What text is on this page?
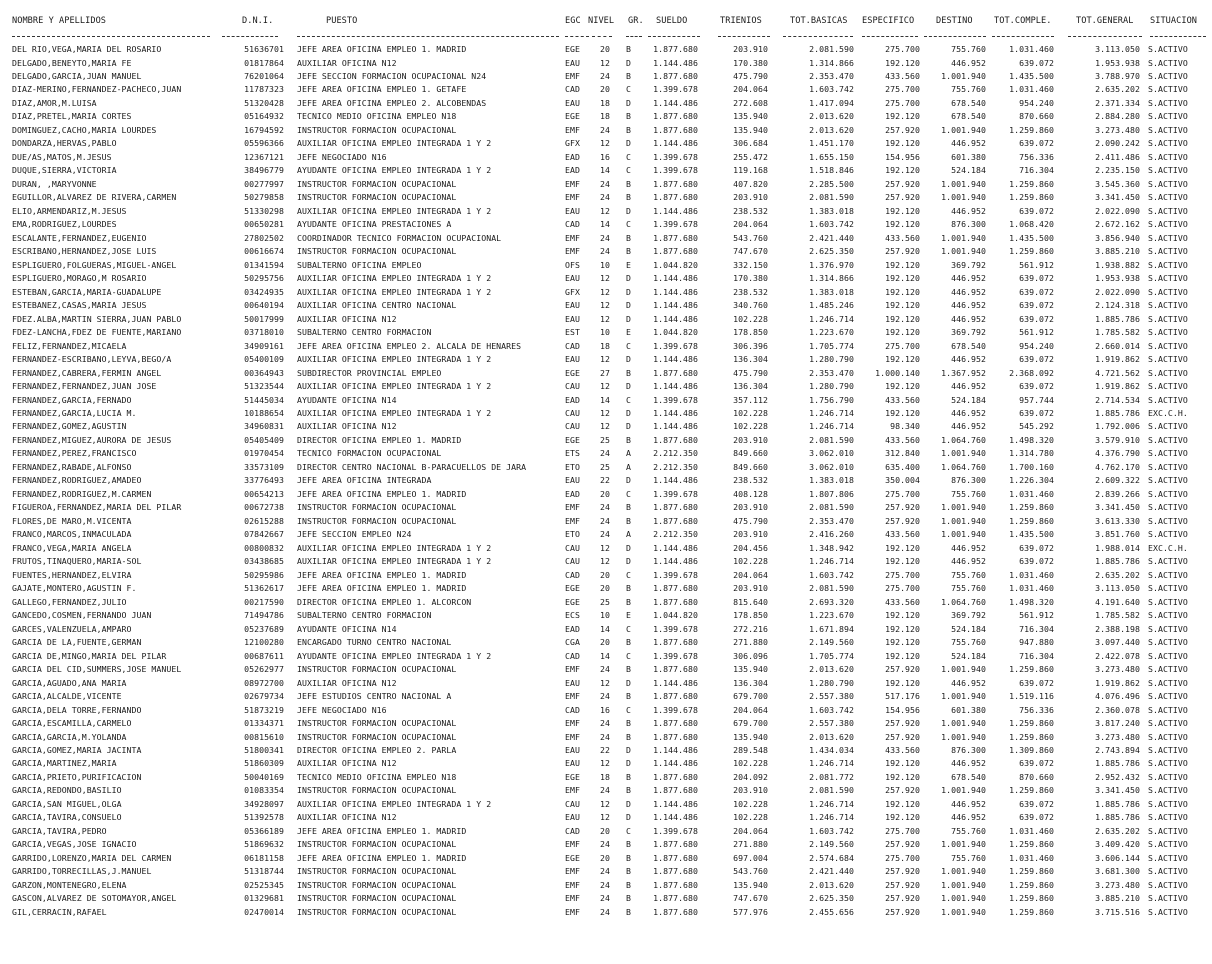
NOMBRE Y APELLIDOS	D.N.I.	PUESTO	EGC NIVEL GR. SUELDO	TRIENIOS	TOT.BASICAS ESPECIFICO	DESTINO TOT.COMPLE.	TOT.GENERAL SITUACION
DEL RIO,VEGA,MARIA DEL ROSARIO	51636701 JEFE AREA OFICINA EMPLEO 1. MADRID	EGE	20 B	1.877.680	203.910	2.081.590	275.700	755.760	1.031.460	3.113.050 S.ACTIVO
DELGADO,BENEYTO,MARIA FE	01817864 AUXILIAR OFICINA N12	EAU	12 D	1.144.486	170.380	1.314.866	192.120	446.952	639.072	1.953.938 S.ACTIVO
DELGADO,GARCIA,JUAN MANUEL	76201064 JEFE SECCION FORMACION OCUPACIONAL N24	EMF	24 B	1.877.680	475.790	2.353.470	433.560	1.001.940	1.435.500	3.788.970 S.ACTIVO
DIAZ-MERINO,FERNANDEZ-PACHECO,JUAN	11787323 JEFE AREA OFICINA EMPLEO 1. GETAFE	CAD	20 C	1.399.678	204.064	1.603.742	275.700	755.760	1.031.460	2.635.202 S.ACTIVO
DIAZ,AMOR,M.LUISA	51320428 JEFE AREA OFICINA EMPLEO 2. ALCOBENDAS	EAU	18 D	1.144.486	272.608	1.417.094	275.700	678.540	954.240	2.371.334 S.ACTIVO
DIAZ,PRETEL,MARIA CORTES	05164932 TECNICO MEDIO OFICINA EMPLEO N18	EGE	18 B	1.877.680	135.940	2.013.620	192.120	678.540	870.660	2.884.280 S.ACTIVO
DOMINGUEZ,CACHO,MARIA LOURDES	16794592 INSTRUCTOR FORMACION OCUPACIONAL	EMF	24 B	1.877.680	135.940	2.013.620	257.920	1.001.940	1.259.860	3.273.480 S.ACTIVO
DONDARZA,HERVAS,PABLO	05596366 AUXILIAR OFICINA EMPLEO INTEGRADA 1 Y 2	GFX	12 D	1.144.486	306.684	1.451.170	192.120	446.952	639.072	2.090.242 S.ACTIVO
DUE/AS,MATOS,M.JESUS	12367121 JEFE NEGOCIADO N16	EAD	16 C	1.399.678	255.472	1.655.150	154.956	601.380	756.336	2.411.486 S.ACTIVO
DUQUE,SIERRA,VICTORIA	38496779 AYUDANTE OFICINA EMPLEO INTEGRADA 1 Y 2	EAD	14 C	1.399.678	119.168	1.518.846	192.120	524.184	716.304	2.235.150 S.ACTIVO
DURAN, ,MARYVONNE	00277997 INSTRUCTOR FORMACION OCUPACIONAL	EMF	24 B	1.877.680	407.820	2.285.500	257.920	1.001.940	1.259.860	3.545.360 S.ACTIVO
EGUILLOR,ALVAREZ DE RIVERA,CARMEN	50279858 INSTRUCTOR FORMACION OCUPACIONAL	EMF	24 B	1.877.680	203.910	2.081.590	257.920	1.001.940	1.259.860	3.341.450 S.ACTIVO
ELIO,ARMENDARIZ,M.JESUS	51330298 AUXILIAR OFICINA EMPLEO INTEGRADA 1 Y 2	EAU	12 D	1.144.486	238.532	1.383.018	192.120	446.952	639.072	2.022.090 S.ACTIVO
EMA,RODRIGUEZ,LOURDES	00650281 AYUDANTE OFICINA PRESTACIONES A	CAD	14 C	1.399.678	204.064	1.603.742	192.120	876.300	1.068.420	2.672.162 S.ACTIVO
ESCALANTE,FERNANDEZ,EUGENIO	27802502 COORDINADOR TECNICO FORMACION OCUPACIONAL	EMF	24 B	1.877.680	543.760	2.421.440	433.560	1.001.940	1.435.500	3.856.940 S.ACTIVO
ESCRIBANO,HERNANDEZ,JOSE LUIS	00616674 INSTRUCTOR FORMACION OCUPACIONAL	EMF	24 B	1.877.680	747.670	2.625.350	257.920	1.001.940	1.259.860	3.885.210 S.ACTIVO
ESPLIGUERO,FOLGUERAS,MIGUEL-ANGEL	01341594 SUBALTERNO OFICINA EMPLEO	OFS	10 E	1.044.820	332.150	1.376.970	192.120	369.792	561.912	1.938.882 S.ACTIVO
ESPLIGUERO,MORAGO,M ROSARIO	50295756 AUXILIAR OFICINA EMPLEO INTEGRADA 1 Y 2	EAU	12 D	1.144.486	170.380	1.314.866	192.120	446.952	639.072	1.953.938 S.ACTIVO
ESTEBAN,GARCIA,MARIA-GUADALUPE	03424935 AUXILIAR OFICINA EMPLEO INTEGRADA 1 Y 2	GFX	12 D	1.144.486	238.532	1.383.018	192.120	446.952	639.072	2.022.090 S.ACTIVO
ESTEBANEZ,CASAS,MARIA JESUS	00640194 AUXILIAR OFICINA CENTRO NACIONAL	EAU	12 D	1.144.486	340.760	1.485.246	192.120	446.952	639.072	2.124.318 S.ACTIVO
FDEZ.ALBA,MARTIN SIERRA,JUAN PABLO	50017999 AUXILIAR OFICINA N12	EAU	12 D	1.144.486	102.228	1.246.714	192.120	446.952	639.072	1.885.786 S.ACTIVO
FDEZ-LANCHA,FDEZ DE FUENTE,MARIANO	03718010 SUBALTERNO CENTRO FORMACION	EST	10 E	1.044.820	178.850	1.223.670	192.120	369.792	561.912	1.785.582 S.ACTIVO
FELIZ,FERNANDEZ,MICAELA	34909161 JEFE AREA OFICINA EMPLEO 2. ALCALA DE HENARES	CAD	18 C	1.399.678	306.396	1.705.774	275.700	678.540	954.240	2.660.014 S.ACTIVO
FERNANDEZ-ESCRIBANO,LEYVA,BEGO/A	05400109 AUXILIAR OFICINA EMPLEO INTEGRADA 1 Y 2	EAU	12 D	1.144.486	136.304	1.280.790	192.120	446.952	639.072	1.919.862 S.ACTIVO
FERNANDEZ,CABRERA,FERMIN ANGEL	00364943 SUBDIRECTOR PROVINCIAL EMPLEO	EGE	27 B	1.877.680	475.790	2.353.470	1.000.140	1.367.952	2.368.092	4.721.562 S.ACTIVO
FERNANDEZ,FERNANDEZ,JUAN JOSE	51323544 AUXILIAR OFICINA EMPLEO INTEGRADA 1 Y 2	CAU	12 D	1.144.486	136.304	1.280.790	192.120	446.952	639.072	1.919.862 S.ACTIVO
FERNANDEZ,GARCIA,FERNADO	51445034 AYUDANTE OFICINA N14	EAD	14 C	1.399.678	357.112	1.756.790	433.560	524.184	957.744	2.714.534 S.ACTIVO
FERNANDEZ,GARCIA,LUCIA M.	10188654 AUXILIAR OFICINA EMPLEO INTEGRADA 1 Y 2	CAU	12 D	1.144.486	102.228	1.246.714	192.120	446.952	639.072	1.885.786 EXC.C.H.
FERNANDEZ,GOMEZ,AGUSTIN	34960831 AUXILIAR OFICINA N12	CAU	12 D	1.144.486	102.228	1.246.714	98.340	446.952	545.292	1.792.006 S.ACTIVO
FERNANDEZ,MIGUEZ,AURORA DE JESUS	05405409 DIRECTOR OFICINA EMPLEO 1. MADRID	EGE	25 B	1.877.680	203.910	2.081.590	433.560	1.064.760	1.498.320	3.579.910 S.ACTIVO
FERNANDEZ,PEREZ,FRANCISCO	01970454 TECNICO FORMACION OCUPACIONAL	ETS	24 A	2.212.350	849.660	3.062.010	312.840	1.001.940	1.314.780	4.376.790 S.ACTIVO
FERNANDEZ,RABADE,ALFONSO	33573109 DIRECTOR CENTRO NACIONAL B-PARACUELLOS DE JARA	ETO	25 A	2.212.350	849.660	3.062.010	635.400	1.064.760	1.700.160	4.762.170 S.ACTIVO
FERNANDEZ,RODRIGUEZ,AMADEO	33776493 JEFE AREA OFICINA INTEGRADA	EAU	22 D	1.144.486	238.532	1.383.018	350.004	876.300	1.226.304	2.609.322 S.ACTIVO
FERNANDEZ,RODRIGUEZ,M.CARMEN	00654213 JEFE AREA OFICINA EMPLEO 1. MADRID	EAD	20 C	1.399.678	408.128	1.807.806	275.700	755.760	1.031.460	2.839.266 S.ACTIVO
FIGUEROA,FERNANDEZ,MARIA DEL PILAR	00672738 INSTRUCTOR FORMACION OCUPACIONAL	EMF	24 B	1.877.680	203.910	2.081.590	257.920	1.001.940	1.259.860	3.341.450 S.ACTIVO
FLORES,DE MARO,M.VICENTA	02615288 INSTRUCTOR FORMACION OCUPACIONAL	EMF	24 B	1.877.680	475.790	2.353.470	257.920	1.001.940	1.259.860	3.613.330 S.ACTIVO
FRANCO,MARCOS,INMACULADA	07842667 JEFE SECCION EMPLEO N24	ETO	24 A	2.212.350	203.910	2.416.260	433.560	1.001.940	1.435.500	3.851.760 S.ACTIVO
FRANCO,VEGA,MARIA ANGELA	00800832 AUXILIAR OFICINA EMPLEO INTEGRADA 1 Y 2	CAU	12 D	1.144.486	204.456	1.348.942	192.120	446.952	639.072	1.988.014 EXC.C.H.
FRUTOS,TINAQUERO,MARIA-SOL	03438685 AUXILIAR OFICINA EMPLEO INTEGRADA 1 Y 2	CAU	12 D	1.144.486	102.228	1.246.714	192.120	446.952	639.072	1.885.786 S.ACTIVO
FUENTES,HERNANDEZ,ELVIRA	50295986 JEFE AREA OFICINA EMPLEO 1. MADRID	CAD	20 C	1.399.678	204.064	1.603.742	275.700	755.760	1.031.460	2.635.202 S.ACTIVO
GAJATE,MONTERO,AGUSTIN F.	51362617 JEFE AREA OFICINA EMPLEO 1. MADRID	EGE	20 B	1.877.680	203.910	2.081.590	275.700	755.760	1.031.460	3.113.050 S.ACTIVO
GALLEGO,FERNANDEZ,JULIO	00217590 DIRECTOR OFICINA EMPLEO 1. ALCORCON	EGE	25 B	1.877.680	815.640	2.693.320	433.560	1.064.760	1.498.320	4.191.640 S.ACTIVO
GANCEDO,COSMEN,FERNANDO JUAN	71494786 SUBALTERNO CENTRO FORMACION	ECS	10 E	1.044.820	178.850	1.223.670	192.120	369.792	561.912	1.785.582 S.ACTIVO
GARCES,VALENZUELA,AMPARO	05237689 AYUDANTE OFICINA N14	EAD	14 C	1.399.678	272.216	1.671.894	192.120	524.184	716.304	2.388.198 S.ACTIVO
GARCIA DE LA,FUENTE,GERMAN	12100280 ENCARGADO TURNO CENTRO NACIONAL	CGA	20 B	1.877.680	271.880	2.149.560	192.120	755.760	947.880	3.097.440 S.ACTIVO
GARCIA DE,MINGO,MARIA DEL PILAR	00687611 AYUDANTE OFICINA EMPLEO INTEGRADA 1 Y 2	CAD	14 C	1.399.678	306.096	1.705.774	192.120	524.184	716.304	2.422.078 S.ACTIVO
GARCIA DEL CID,SUMMERS,JOSE MANUEL	05262977 INSTRUCTOR FORMACION OCUPACIONAL	EMF	24 B	1.877.680	135.940	2.013.620	257.920	1.001.940	1.259.860	3.273.480 S.ACTIVO
GARCIA,AGUADO,ANA MARIA	08972700 AUXILIAR OFICINA N12	EAU	12 D	1.144.486	136.304	1.280.790	192.120	446.952	639.072	1.919.862 S.ACTIVO
GARCIA,ALCALDE,VICENTE	02679734 JEFE ESTUDIOS CENTRO NACIONAL A	EMF	24 B	1.877.680	679.700	2.557.380	517.176	1.001.940	1.519.116	4.076.496 S.ACTIVO
GARCIA,DELA TORRE,FERNANDO	51873219 JEFE NEGOCIADO N16	CAD	16 C	1.399.678	204.064	1.603.742	154.956	601.380	756.336	2.360.078 S.ACTIVO
GARCIA,ESCAMILLA,CARMELO	01334371 INSTRUCTOR FORMACION OCUPACIONAL	EMF	24 B	1.877.680	679.700	2.557.380	257.920	1.001.940	1.259.860	3.817.240 S.ACTIVO
GARCIA,GARCIA,M.YOLANDA	00815610 INSTRUCTOR FORMACION OCUPACIONAL	EMF	24 B	1.877.680	135.940	2.013.620	257.920	1.001.940	1.259.860	3.273.480 S.ACTIVO
GARCIA,GOMEZ,MARIA JACINTA	51800341 DIRECTOR OFICINA EMPLEO 2. PARLA	EAU	22 D	1.144.486	289.548	1.434.034	433.560	876.300	1.309.860	2.743.894 S.ACTIVO
GARCIA,MARTINEZ,MARIA	51860309 AUXILIAR OFICINA N12	EAU	12 D	1.144.486	102.228	1.246.714	192.120	446.952	639.072	1.885.786 S.ACTIVO
GARCIA,PRIETO,PURIFICACION	50040169 TECNICO MEDIO OFICINA EMPLEO N18	EGE	18 B	1.877.680	204.092	2.081.772	192.120	678.540	870.660	2.952.432 S.ACTIVO
GARCIA,REDONDO,BASILIO	01083354 INSTRUCTOR FORMACION OCUPACIONAL	EMF	24 B	1.877.680	203.910	2.081.590	257.920	1.001.940	1.259.860	3.341.450 S.ACTIVO
GARCIA,SAN MIGUEL,OLGA	34928097 AUXILIAR OFICINA EMPLEO INTEGRADA 1 Y 2	CAU	12 D	1.144.486	102.228	1.246.714	192.120	446.952	639.072	1.885.786 S.ACTIVO
GARCIA,TAVIRA,CONSUELO	51392578 AUXILIAR OFICINA N12	EAU	12 D	1.144.486	102.228	1.246.714	192.120	446.952	639.072	1.885.786 S.ACTIVO
GARCIA,TAVIRA,PEDRO	05366189 JEFE AREA OFICINA EMPLEO 1. MADRID	CAD	20 C	1.399.678	204.064	1.603.742	275.700	755.760	1.031.460	2.635.202 S.ACTIVO
GARCIA,VEGAS,JOSE IGNACIO	51869632 INSTRUCTOR FORMACION OCUPACIONAL	EMF	24 B	1.877.680	271.880	2.149.560	257.920	1.001.940	1.259.860	3.409.420 S.ACTIVO
GARRIDO,LORENZO,MARIA DEL CARMEN	06181158 JEFE AREA OFICINA EMPLEO 1. MADRID	EGE	20 B	1.877.680	697.004	2.574.684	275.700	755.760	1.031.460	3.606.144 S.ACTIVO
GARRIDO,TORRECILLAS,J.MANUEL	51318744 INSTRUCTOR FORMACION OCUPACIONAL	EMF	24 B	1.877.680	543.760	2.421.440	257.920	1.001.940	1.259.860	3.681.300 S.ACTIVO
GARZON,MONTENEGRO,ELENA	02525345 INSTRUCTOR FORMACION OCUPACIONAL	EMF	24 B	1.877.680	135.940	2.013.620	257.920	1.001.940	1.259.860	3.273.480 S.ACTIVO
GASCON,ALVAREZ DE SOTOMAYOR,ANGEL	01329681 INSTRUCTOR FORMACION OCUPACIONAL	EMF	24 B	1.877.680	747.670	2.625.350	257.920	1.001.940	1.259.860	3.885.210 S.ACTIVO
GIL,CERRACIN,RAFAEL	02470014 INSTRUCTOR FORMACION OCUPACIONAL	EMF	24 B	1.877.680	577.976	2.455.656	257.920	1.001.940	1.259.860	3.715.516 S.ACTIVO
